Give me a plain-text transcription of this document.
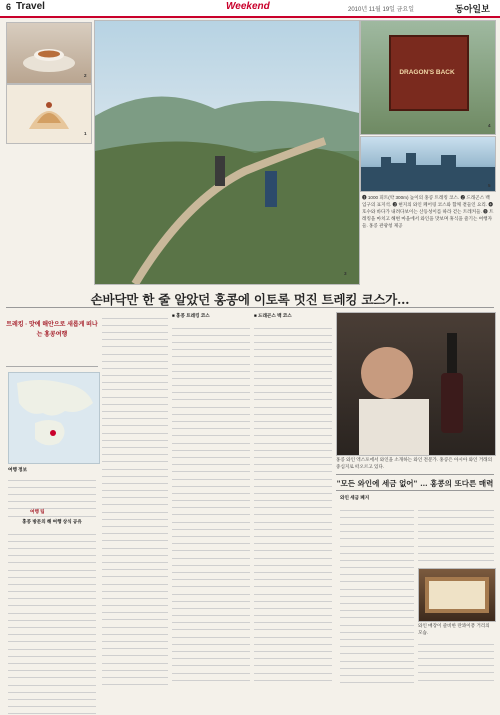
6 Travel	Weekend	2010년 11월 19일 금요일	동아일보
1
2
3
DRAGON'S BACK
4
5
❶ 1000 피트(약 300m) 높이의 홍콩 트레킹 코스. ❷ 드래곤스 백 입구의 표지석. ❸ 현지의 와인 페어링 코스와 함께 곁들인 요리. ❹ 호수와 바다가 내려다보이는 산등성이를 따라 걷는 트레커들. ❺ 트레킹을 마치고 해변 마을에서 와인을 맛보며 휴식을 즐기는 여행자들. 홍콩 관광청 제공
손바닥만 한 줄 알았던 홍콩에 이토록 멋진 트레킹 코스가…
트레킹 · 맛에 해안으로 새롭게 떠나는 홍콩여행
여행 정보
여행 팁
홍콩 방문의 해 여행 상식 공유
■ 홍콩 트레킹 코스	■ 드래곤스 백 코스
홍콩 와인 엑스포에서 와인을 소개하는 와인 전문가. 홍콩은 아시아 와인 거래의 중심지로 떠오르고 있다.
"모든 와인에 세금 없어" … 홍콩의 또다른 매력
와인 세금 폐지
와인 매장이 즐비한 란콰이퐁 거리의 모습.
